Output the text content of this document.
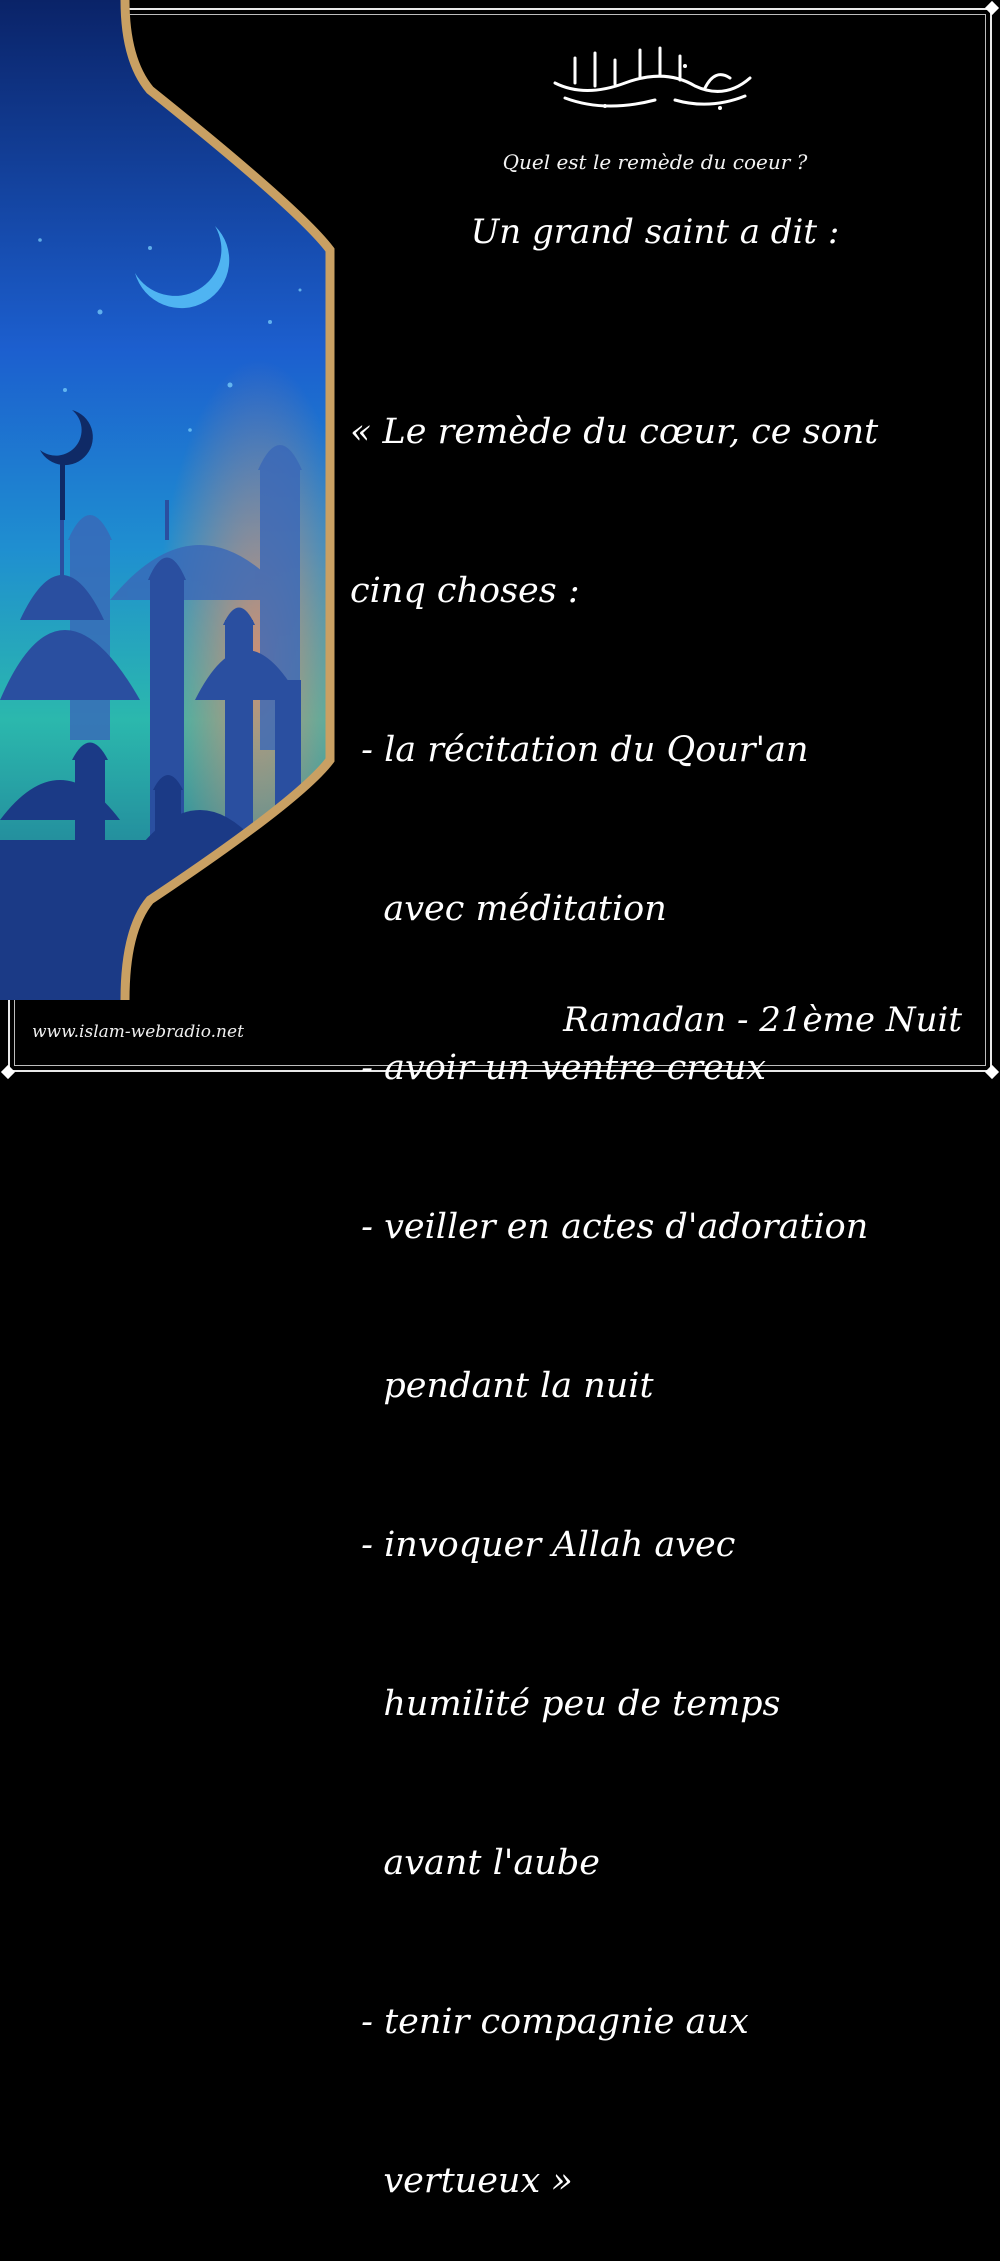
Quel est le remède du coeur ?
Un grand saint a dit :

« Le remède du cœur, ce sont

cinq choses :

- la récitation du Qour'an

avec méditation

- avoir un ventre creux

- veiller en actes d'adoration

pendant la nuit

- invoquer Allah avec

humilité peu de temps

avant l'aube

- tenir compagnie aux

vertueux »

www.islam-webradio.net	Ramadan - 21ème Nuit
